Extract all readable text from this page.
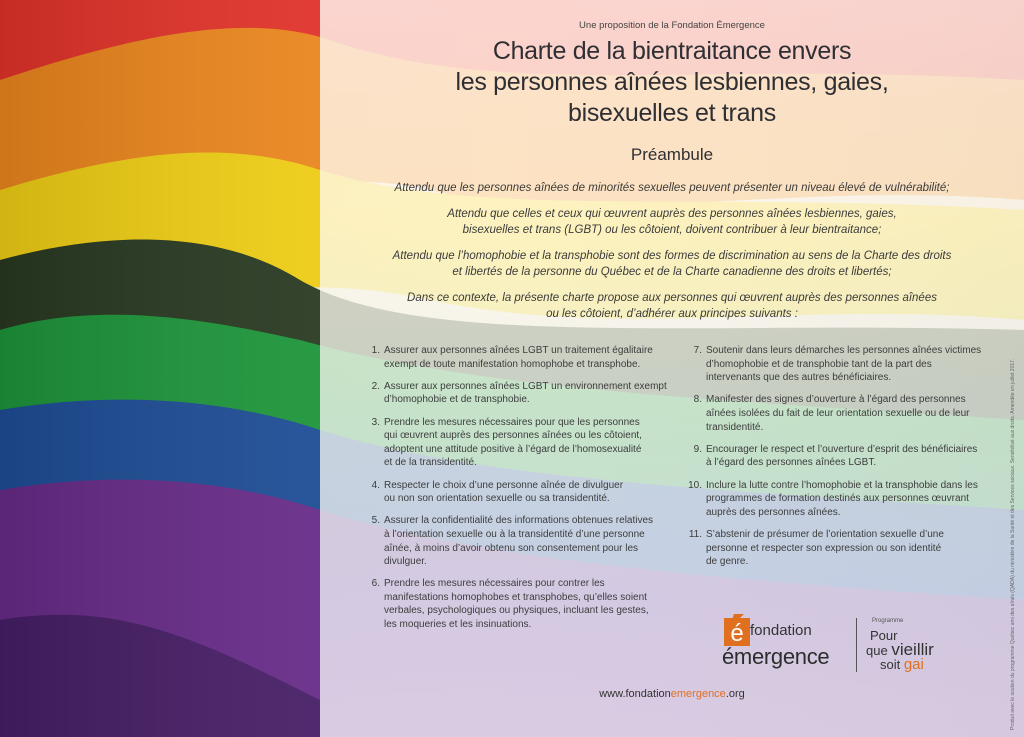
Une proposition de la Fondation Émergence
Charte de la bientraitance envers
les personnes aînées lesbiennes, gaies,
bisexuelles et trans
Préambule
Attendu que les personnes aînées de minorités sexuelles peuvent présenter un niveau élevé de vulnérabilité;
Attendu que celles et ceux qui œuvrent auprès des personnes aînées lesbiennes, gaies,
bisexuelles et trans (LGBT) ou les côtoient, doivent contribuer à leur bientraitance;
Attendu que l’homophobie et la transphobie sont des formes de discrimination au sens de la Charte des droits
et libertés de la personne du Québec et de la Charte canadienne des droits et libertés;
Dans ce contexte, la présente charte propose aux personnes qui œuvrent auprès des personnes aînées
ou les côtoient, d’adhérer aux principes suivants :
1. Assurer aux personnes aînées LGBT un traitement égalitaire
exempt de toute manifestation homophobe et transphobe.
2. Assurer aux personnes aînées LGBT un environnement exempt
d’homophobie et de transphobie.
3. Prendre les mesures nécessaires pour que les personnes
qui œuvrent auprès des personnes aînées ou les côtoient,
adoptent une attitude positive à l’égard de l’homosexualité
et de la transidentité.
4. Respecter le choix d’une personne aînée de divulguer
ou non son orientation sexuelle ou sa transidentité.
5. Assurer la confidentialité des informations obtenues relatives
à l’orientation sexuelle ou à la transidentité d’une personne
aînée, à moins d’avoir obtenu son consentement pour les
divulguer.
6. Prendre les mesures nécessaires pour contrer les
manifestations homophobes et transphobes, qu’elles soient
verbales, psychologiques ou physiques, incluant les gestes,
les moqueries et les insinuations.
7. Soutenir dans leurs démarches les personnes aînées victimes
d’homophobie et de transphobie tant de la part des
intervenants que des autres bénéficiaires.
8. Manifester des signes d’ouverture à l’égard des personnes
aînées isolées du fait de leur orientation sexuelle ou de leur
transidentité.
9. Encourager le respect et l’ouverture d’esprit des bénéficiaires
à l’égard des personnes aînées LGBT.
10. Inclure la lutte contre l’homophobie et la transphobie dans les
programmes de formation destinés aux personnes œuvrant
auprès des personnes aînées.
11. S’abstenir de présumer de l’orientation sexuelle d’une
personne et respecter son expression ou son identité
de genre.
é fondation
émergence
Programme
Pour
que vieillir
soit gai
www.fondationemergence.org	Produit avec le soutien du programme Québec ami des aînés (QADA) du ministère de la Santé et des Services sociaux. Sensibilisé aux droits. Amendée en juillet 2017.
